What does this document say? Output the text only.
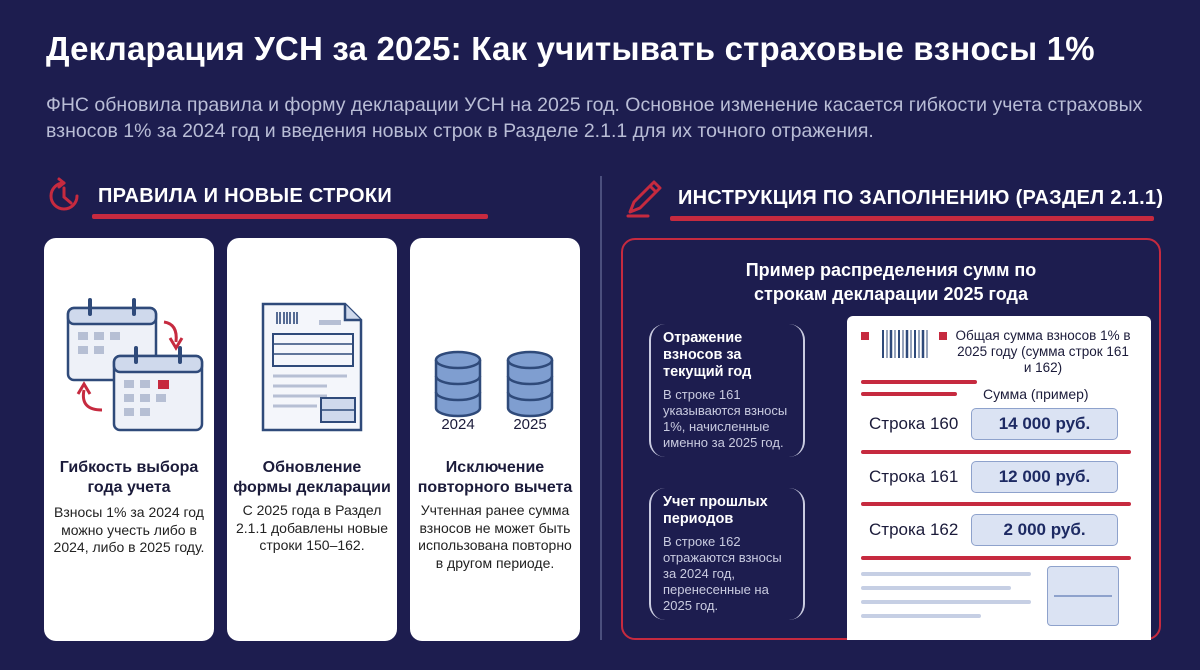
Декларация УСН за 2025: Как учитывать страховые взносы 1%
ФНС обновила правила и форму декларации УСН на 2025 год. Основное изменение касается гибкости учета страховых взносов 1% за 2024 год и введения новых строк в Разделе 2.1.1 для их точного отражения.
ПРАВИЛА И НОВЫЕ СТРОКИ	ИНСТРУКЦИЯ ПО ЗАПОЛНЕНИЮ (РАЗДЕЛ 2.1.1)
Гибкость выбора года учета
Взносы 1% за 2024 год можно учесть либо в 2024, либо в 2025 году.
Обновление формы декларации
С 2025 года в Раздел 2.1.1 добавлены новые строки 150–162.
2024	2025
Исключение повторного вычета
Учтенная ранее сумма взносов не может быть использована повторно в другом периоде.
Пример распределения сумм по строкам декларации 2025 года
Отражение взносов за текущий год
В строке 161 указываются взносы 1%, начисленные именно за 2025 год.
Учет прошлых периодов
В строке 162 отражаются взносы за 2024 год, перенесенные на 2025 год.
Общая сумма взносов 1% в 2025 году (сумма строк 161 и 162)
Сумма (пример)
Строка 160	14 000 руб.
Строка 161	12 000 руб.
Строка 162	2 000 руб.
